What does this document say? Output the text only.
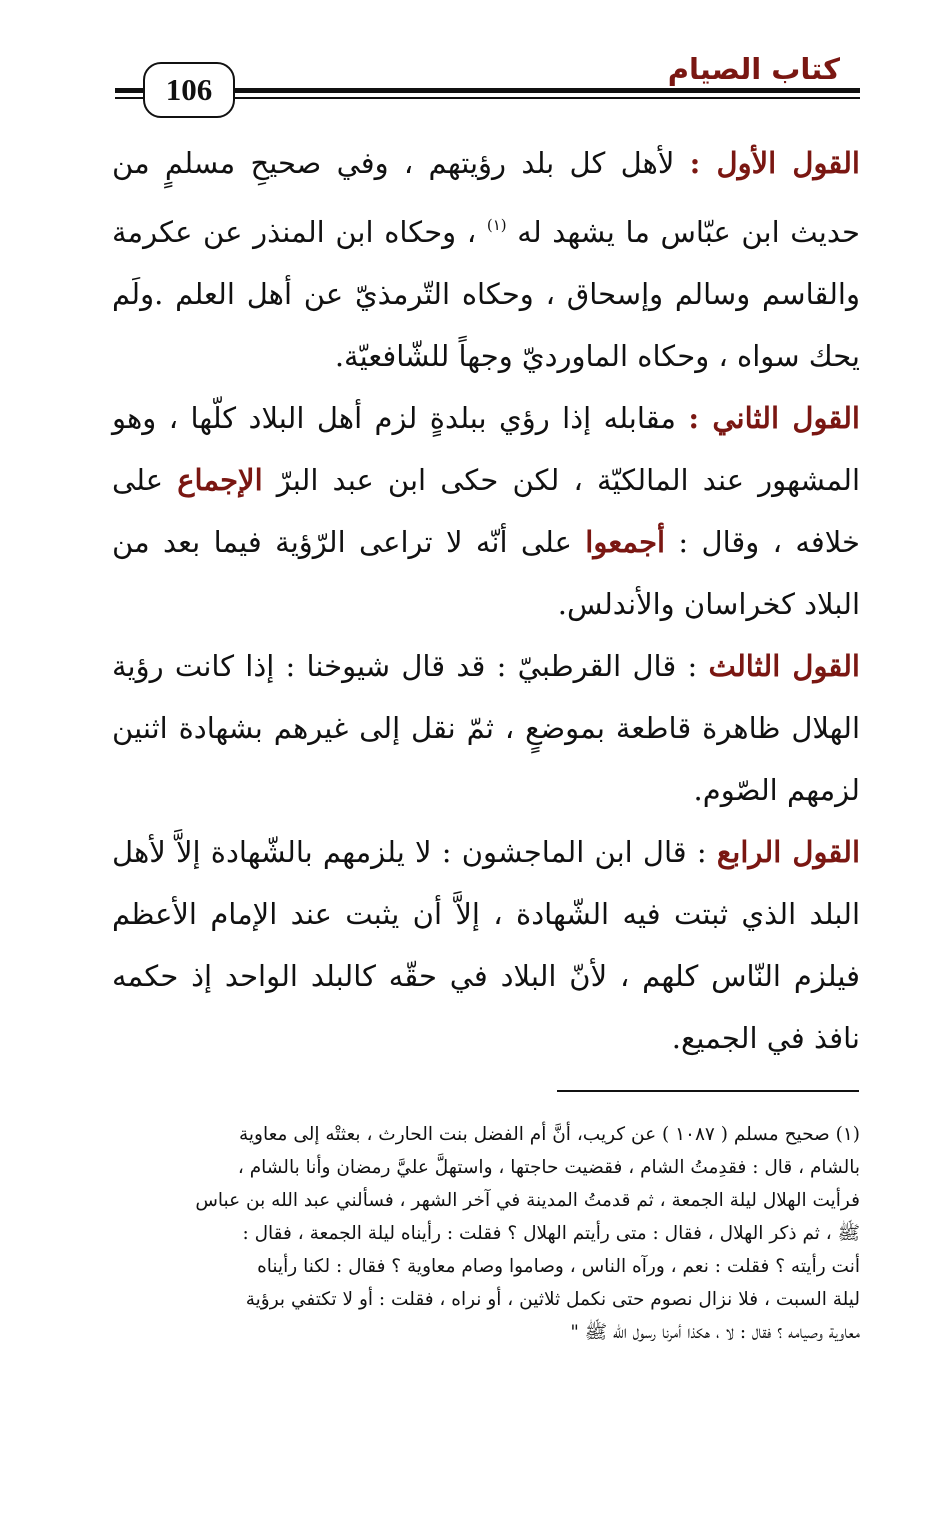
كتاب الصيام
106

القول الأول : لأهل كل بلد رؤيتهم ، وفي صحيحِ مسلمٍ من حديث ابن عبّاس ما يشهد له $^{(١)}$ ، وحكاه ابن المنذر عن عكرمة والقاسم وسالم وإسحاق ، وحكاه التّرمذيّ عن أهل العلم .ولَم يحك سواه ، وحكاه الماورديّ وجهاً للشّافعيّة.

القول الثاني : مقابله إذا رؤي ببلدةٍ لزم أهل البلاد كلّها ، وهو المشهور عند المالكيّة ، لكن حكى ابن عبد البرّ الإجماع على خلافه ، وقال : أجمعوا على أنّه لا تراعى الرّؤية فيما بعد من البلاد كخراسان والأندلس.

القول الثالث : قال القرطبيّ : قد قال شيوخنا : إذا كانت رؤية الهلال ظاهرة قاطعة بموضعٍ ، ثمّ نقل إلى غيرهم بشهادة اثنين لزمهم الصّوم.

القول الرابع : قال ابن الماجشون : لا يلزمهم بالشّهادة إلاَّ لأهل البلد الذي ثبتت فيه الشّهادة ، إلاَّ أن يثبت عند الإمام الأعظم فيلزم النّاس كلهم ، لأنّ البلاد في حقّه كالبلد الواحد إذ حكمه نافذ في الجميع.

(١) صحيح مسلم ( ١٠٨٧ ) عن كريب، أنَّ أم الفضل بنت الحارث ، بعثتْه إلى معاوية
بالشام ، قال : فقدِمتُ الشام ، فقضيت حاجتها ، واستهلَّ عليَّ رمضان وأنا بالشام ،
فرأيت الهلال ليلة الجمعة ، ثم قدمتُ المدينة في آخر الشهر ، فسألني عبد الله بن عباس
ﷺ ، ثم ذكر الهلال ، فقال : متى رأيتم الهلال ؟ فقلت : رأيناه ليلة الجمعة ، فقال :
أنت رأيته ؟ فقلت : نعم ، ورآه الناس ، وصاموا وصام معاوية ؟ فقال : لكنا رأيناه
ليلة السبت ، فلا نزال نصوم حتى نكمل ثلاثين ، أو نراه ، فقلت : أو لا تكتفي برؤية
معاوية وصيامه ؟ فقال : لا ، هكذا أمرنا رسول الله ﷺ "
